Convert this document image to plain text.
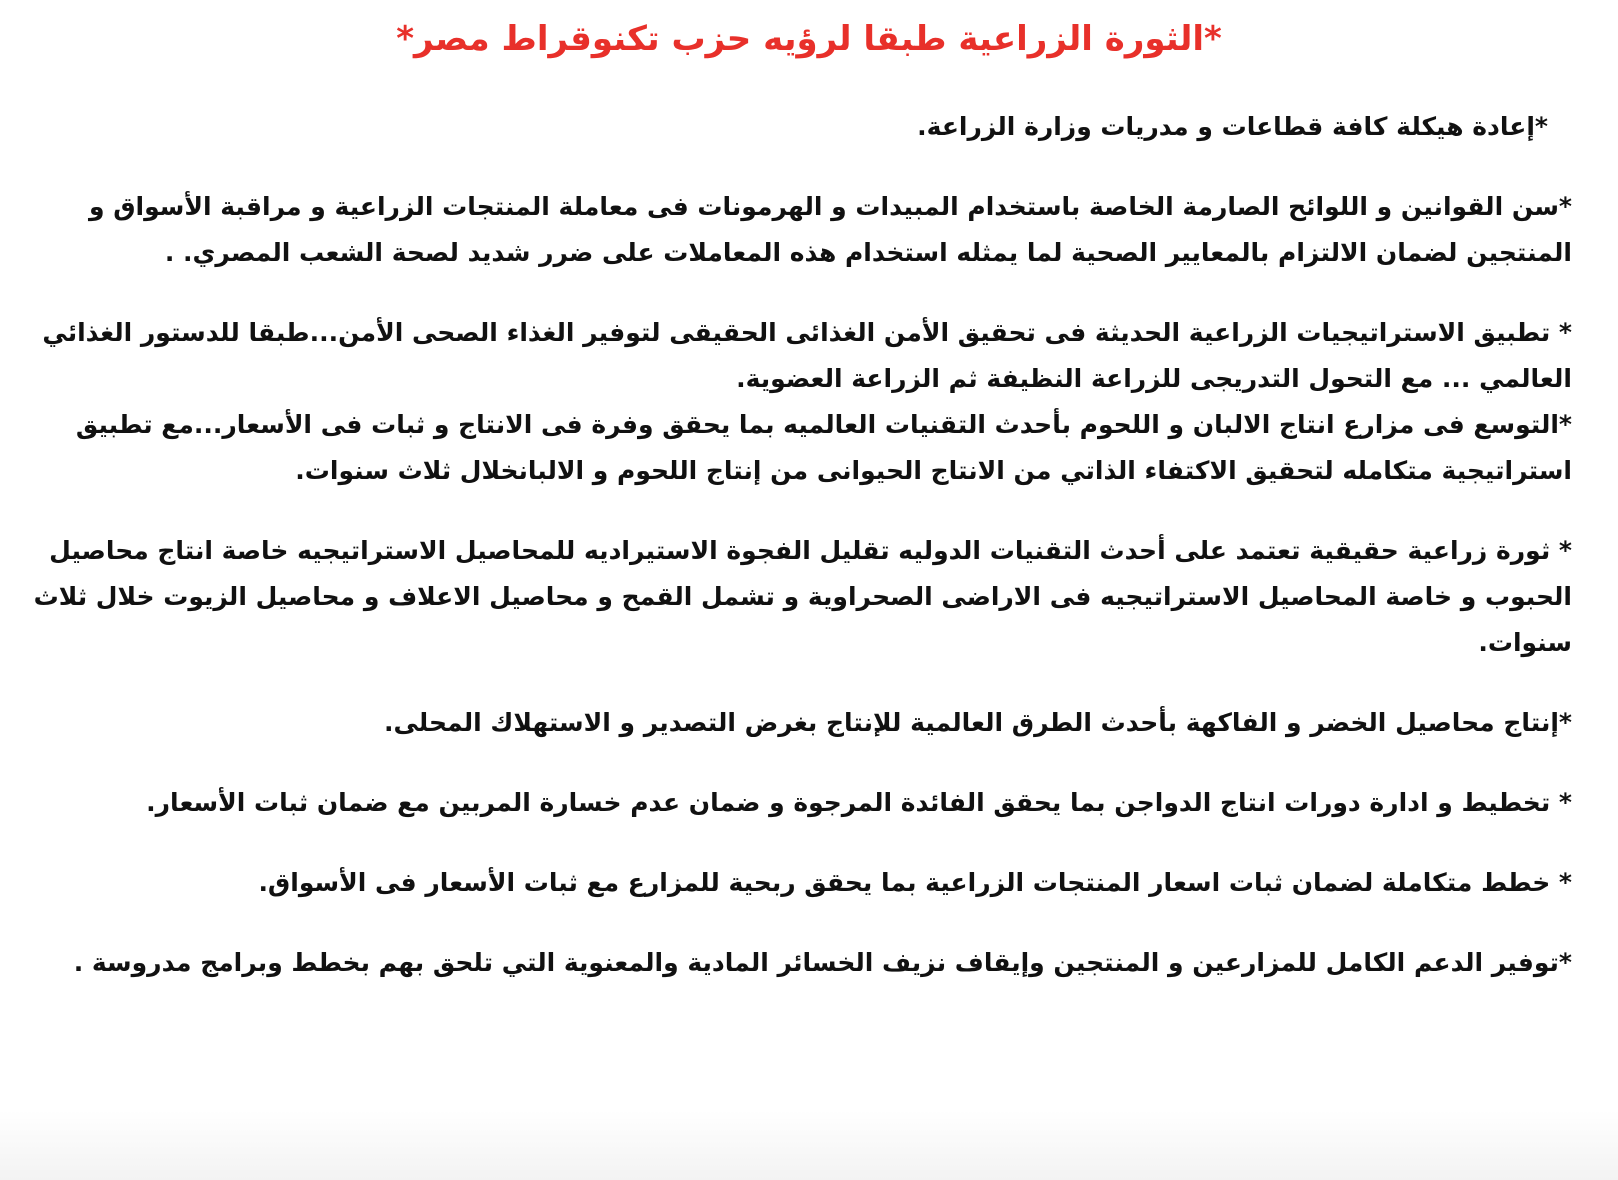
*الثورة الزراعية طبقا لرؤيه حزب تكنوقراط مصر*

*إعادة هيكلة كافة قطاعات و مدريات وزارة الزراعة.

*سن القوانين و اللوائح الصارمة الخاصة باستخدام المبيدات و الهرمونات فى معاملة المنتجات الزراعية و مراقبة الأسواق و المنتجين لضمان الالتزام بالمعايير الصحية لما يمثله استخدام هذه المعاملات على ضرر شديد لصحة الشعب المصري. .

* تطبيق الاستراتيجيات الزراعية الحديثة فى تحقيق الأمن الغذائى الحقيقى لتوفير الغذاء الصحى الأمن...طبقا للدستور الغذائي العالمي ... مع التحول التدريجى للزراعة النظيفة ثم الزراعة العضوية.

*التوسع فى مزارع انتاج الالبان و اللحوم بأحدث التقنيات العالميه بما يحقق وفرة فى الانتاج و ثبات فى الأسعار...مع تطبيق استراتيجية متكامله لتحقيق الاكتفاء الذاتي من الانتاج الحيوانى من إنتاج اللحوم و الالبانخلال ثلاث سنوات.

* ثورة زراعية حقيقية تعتمد على أحدث التقنيات الدوليه تقليل الفجوة الاستيراديه للمحاصيل الاستراتيجيه خاصة انتاج محاصيل الحبوب و خاصة المحاصيل الاستراتيجيه فى الاراضى الصحراوية و تشمل القمح و محاصيل الاعلاف و محاصيل الزيوت خلال ثلاث سنوات.

*إنتاج محاصيل الخضر و الفاكهة بأحدث الطرق العالمية للإنتاج بغرض التصدير و الاستهلاك المحلى.

* تخطيط و ادارة دورات انتاج الدواجن بما يحقق الفائدة المرجوة و ضمان عدم خسارة المربين مع ضمان ثبات الأسعار.

* خطط متكاملة لضمان ثبات اسعار المنتجات الزراعية بما يحقق ربحية للمزارع مع ثبات الأسعار فى الأسواق.

*توفير الدعم الكامل للمزارعين و المنتجين وإيقاف نزيف الخسائر المادية والمعنوية التي تلحق بهم بخطط وبرامج مدروسة .
